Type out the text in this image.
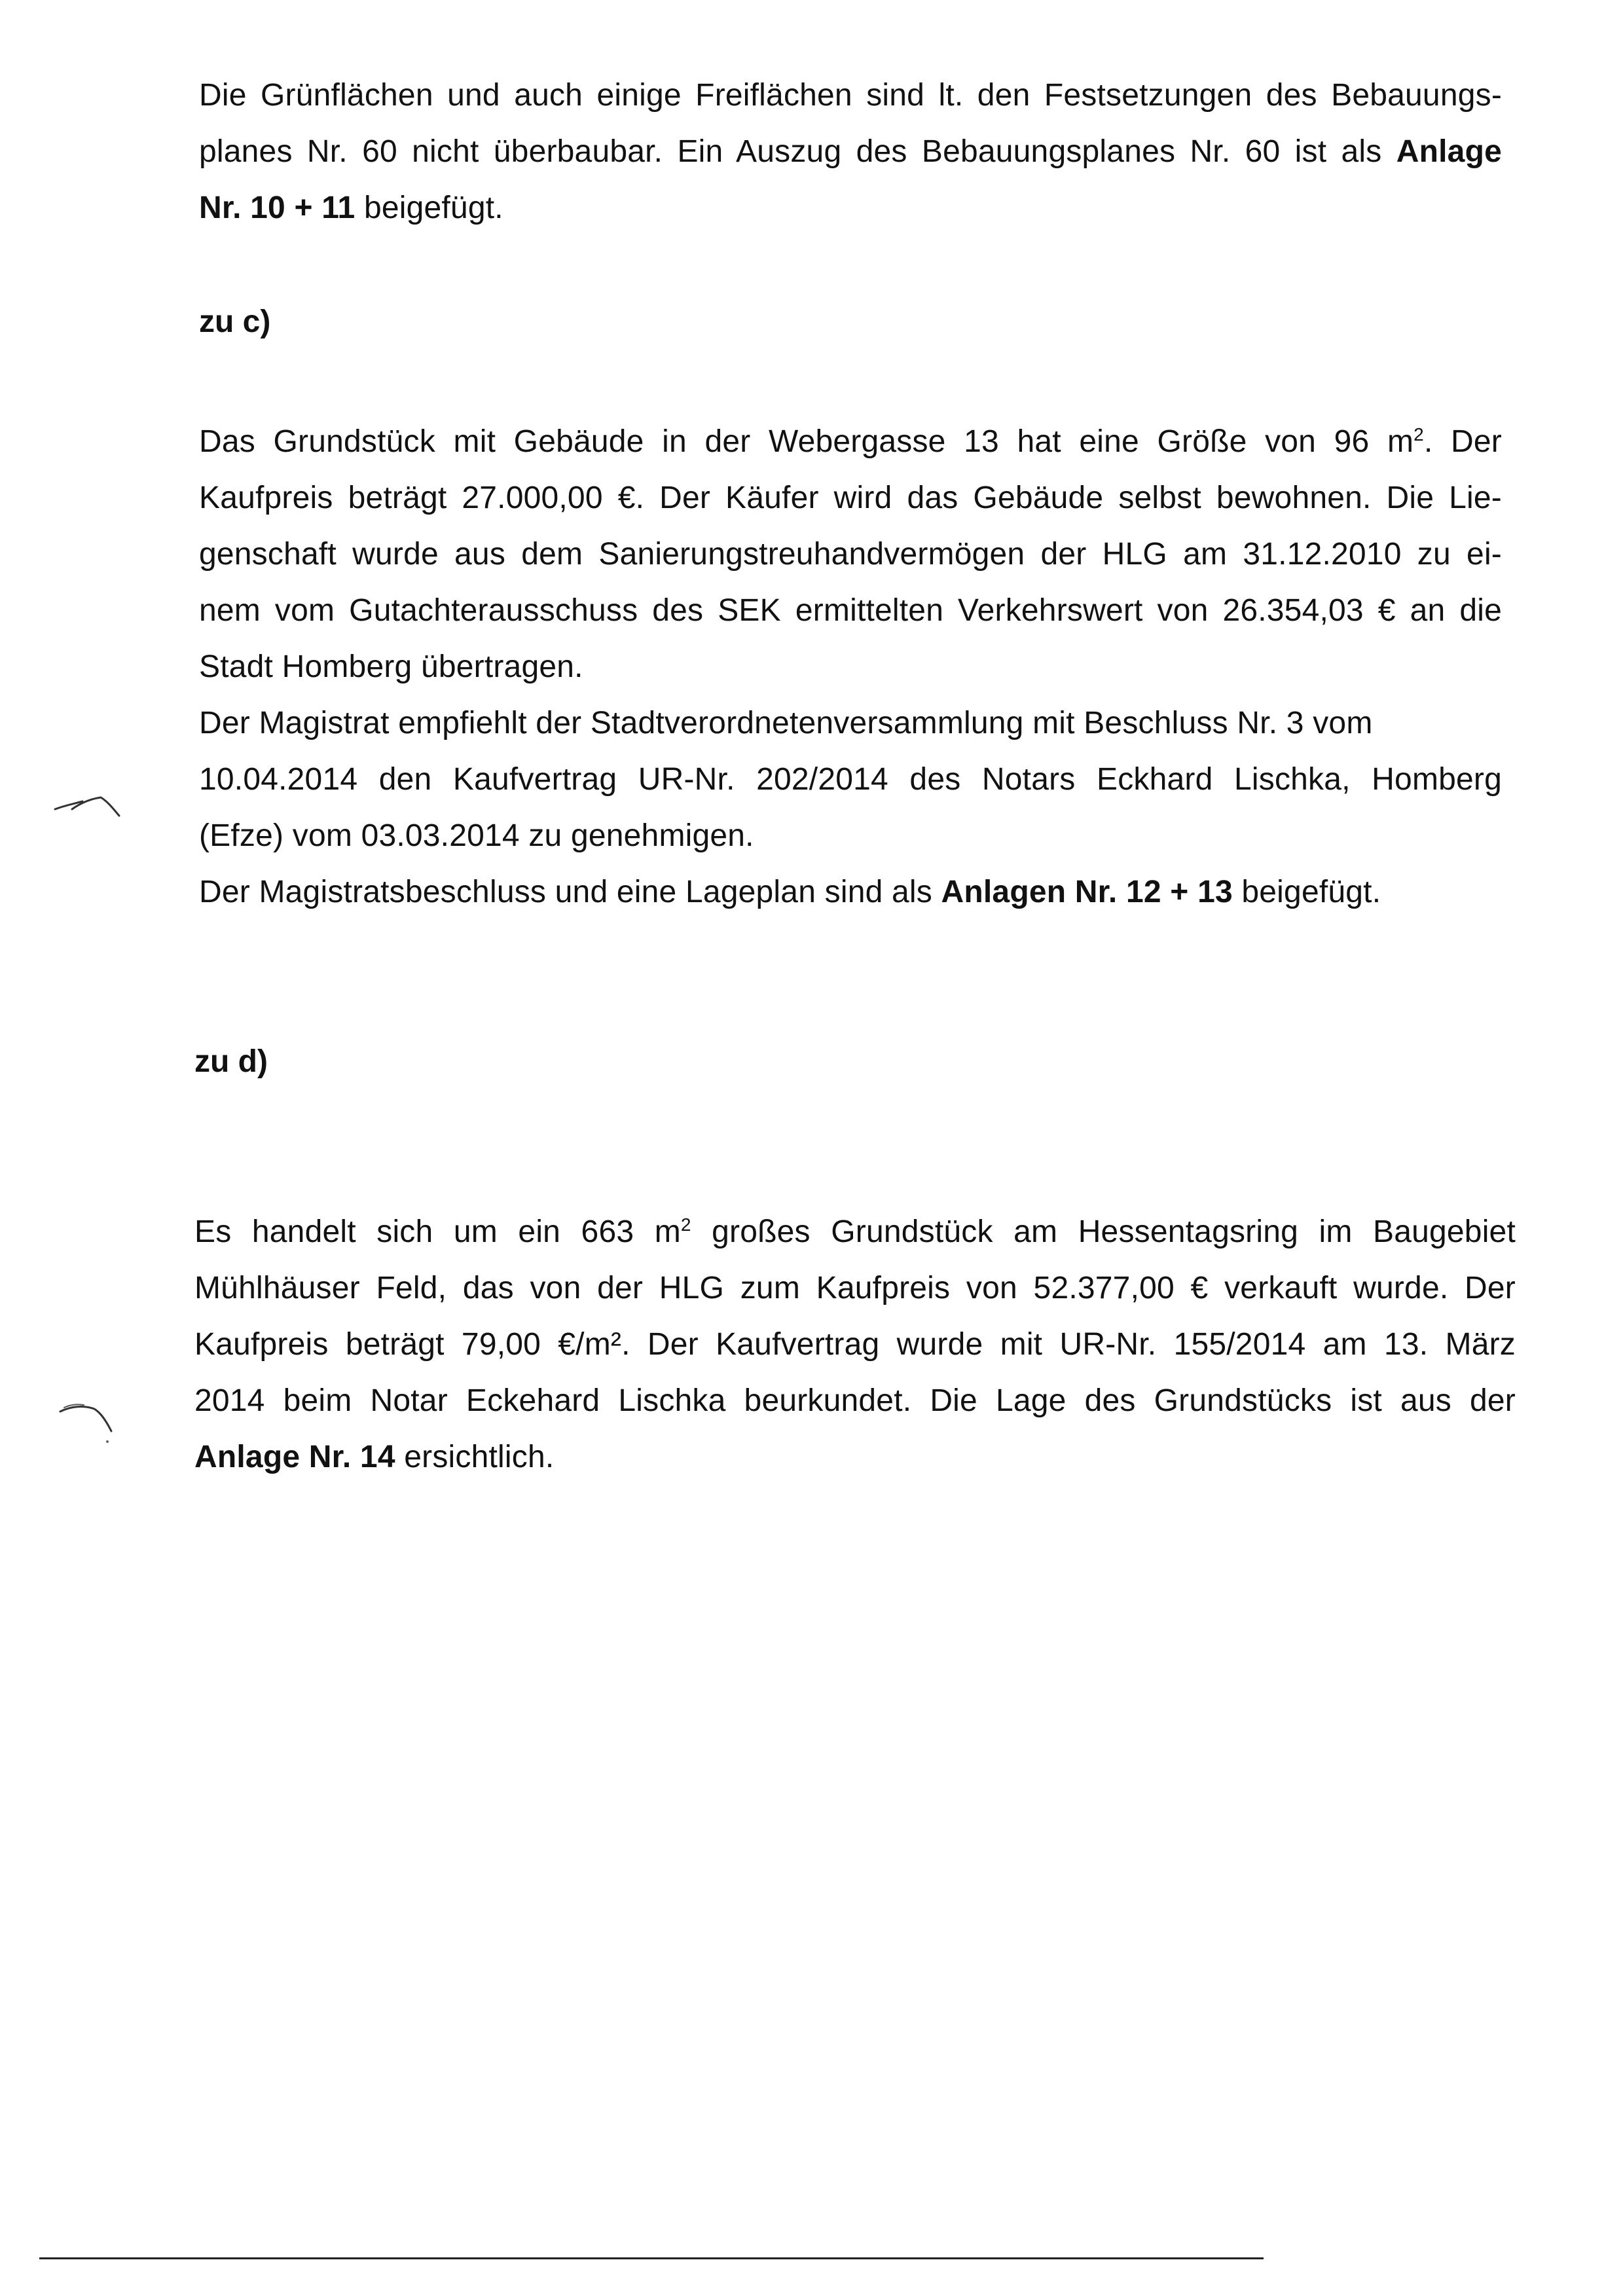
Die Grünflächen und auch einige Freiflächen sind lt. den Festsetzungen des Bebauungs-
planes Nr. 60 nicht überbaubar. Ein Auszug des Bebauungsplanes Nr. 60 ist als Anlage
Nr. 10 + 11 beigefügt.
zu c)
Das Grundstück mit Gebäude in der Webergasse 13 hat eine Größe von 96 $m^2$. Der
Kaufpreis beträgt 27.000,00 €. Der Käufer wird das Gebäude selbst bewohnen. Die Lie-
genschaft wurde aus dem Sanierungstreuhandvermögen der HLG am 31.12.2010 zu ei-
nem vom Gutachterausschuss des SEK ermittelten Verkehrswert von 26.354,03 € an die
Stadt Homberg übertragen.
Der Magistrat empfiehlt der Stadtverordnetenversammlung mit Beschluss Nr. 3 vom
10.04.2014 den Kaufvertrag UR-Nr. 202/2014 des Notars Eckhard Lischka, Homberg
(Efze) vom 03.03.2014 zu genehmigen.
Der Magistratsbeschluss und eine Lageplan sind als Anlagen Nr. 12 + 13 beigefügt.
zu d)
Es handelt sich um ein 663 $m^2$ großes Grundstück am Hessentagsring im Baugebiet
Mühlhäuser Feld, das von der HLG zum Kaufpreis von 52.377,00 € verkauft wurde. Der
Kaufpreis beträgt 79,00 €/m². Der Kaufvertrag wurde mit UR-Nr. 155/2014 am 13. März
2014 beim Notar Eckehard Lischka beurkundet. Die Lage des Grundstücks ist aus der
Anlage Nr. 14 ersichtlich.
